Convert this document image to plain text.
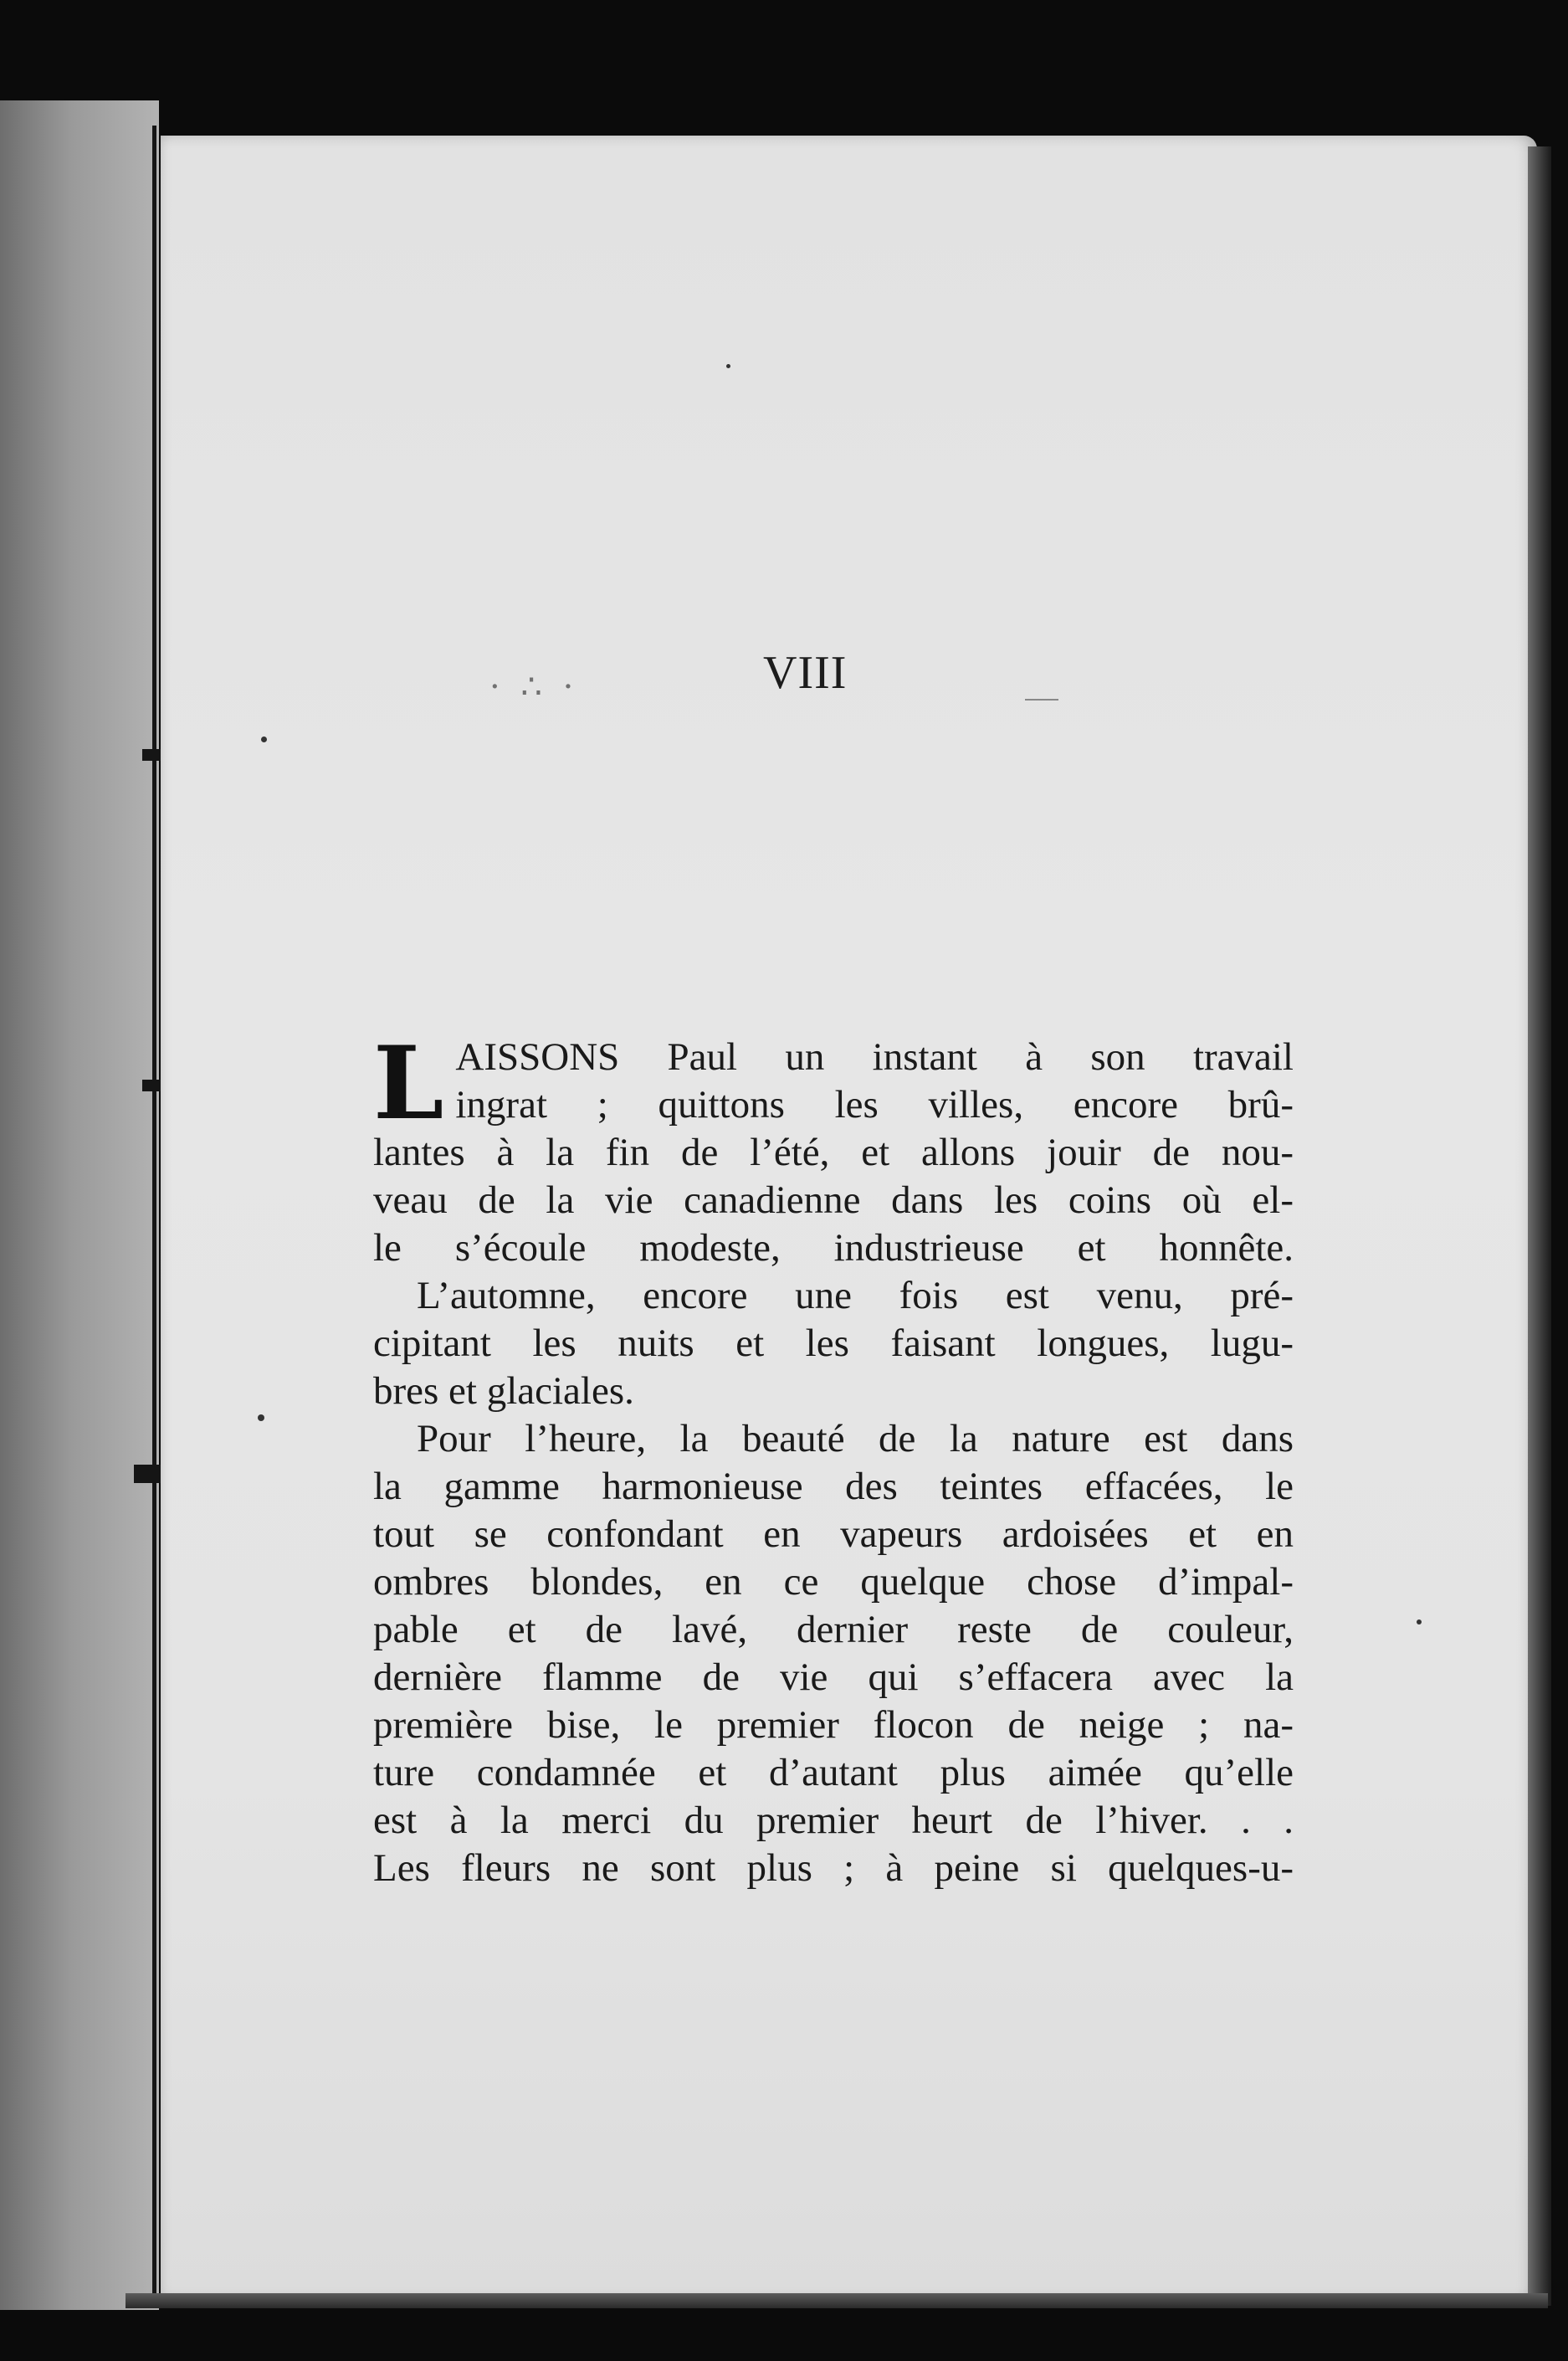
· ∴ ·	VIII
L AISSONS Paul un instant à son travail
ingrat ; quittons les villes, encore brû-
lantes à la fin de l’été, et allons jouir de nou-
veau de la vie canadienne dans les coins où el-
le s’écoule modeste, industrieuse et honnête.
L’automne, encore une fois est venu, pré-
cipitant les nuits et les faisant longues, lugu-
bres et glaciales.
Pour l’heure, la beauté de la nature est dans
la gamme harmonieuse des teintes effacées, le
tout se confondant en vapeurs ardoisées et en
ombres blondes, en ce quelque chose d’impal-
pable et de lavé, dernier reste de couleur,
dernière flamme de vie qui s’effacera avec la
première bise, le premier flocon de neige ; na-
ture condamnée et d’autant plus aimée qu’elle
est à la merci du premier heurt de l’hiver. . .
Les fleurs ne sont plus ; à peine si quelques-u-
